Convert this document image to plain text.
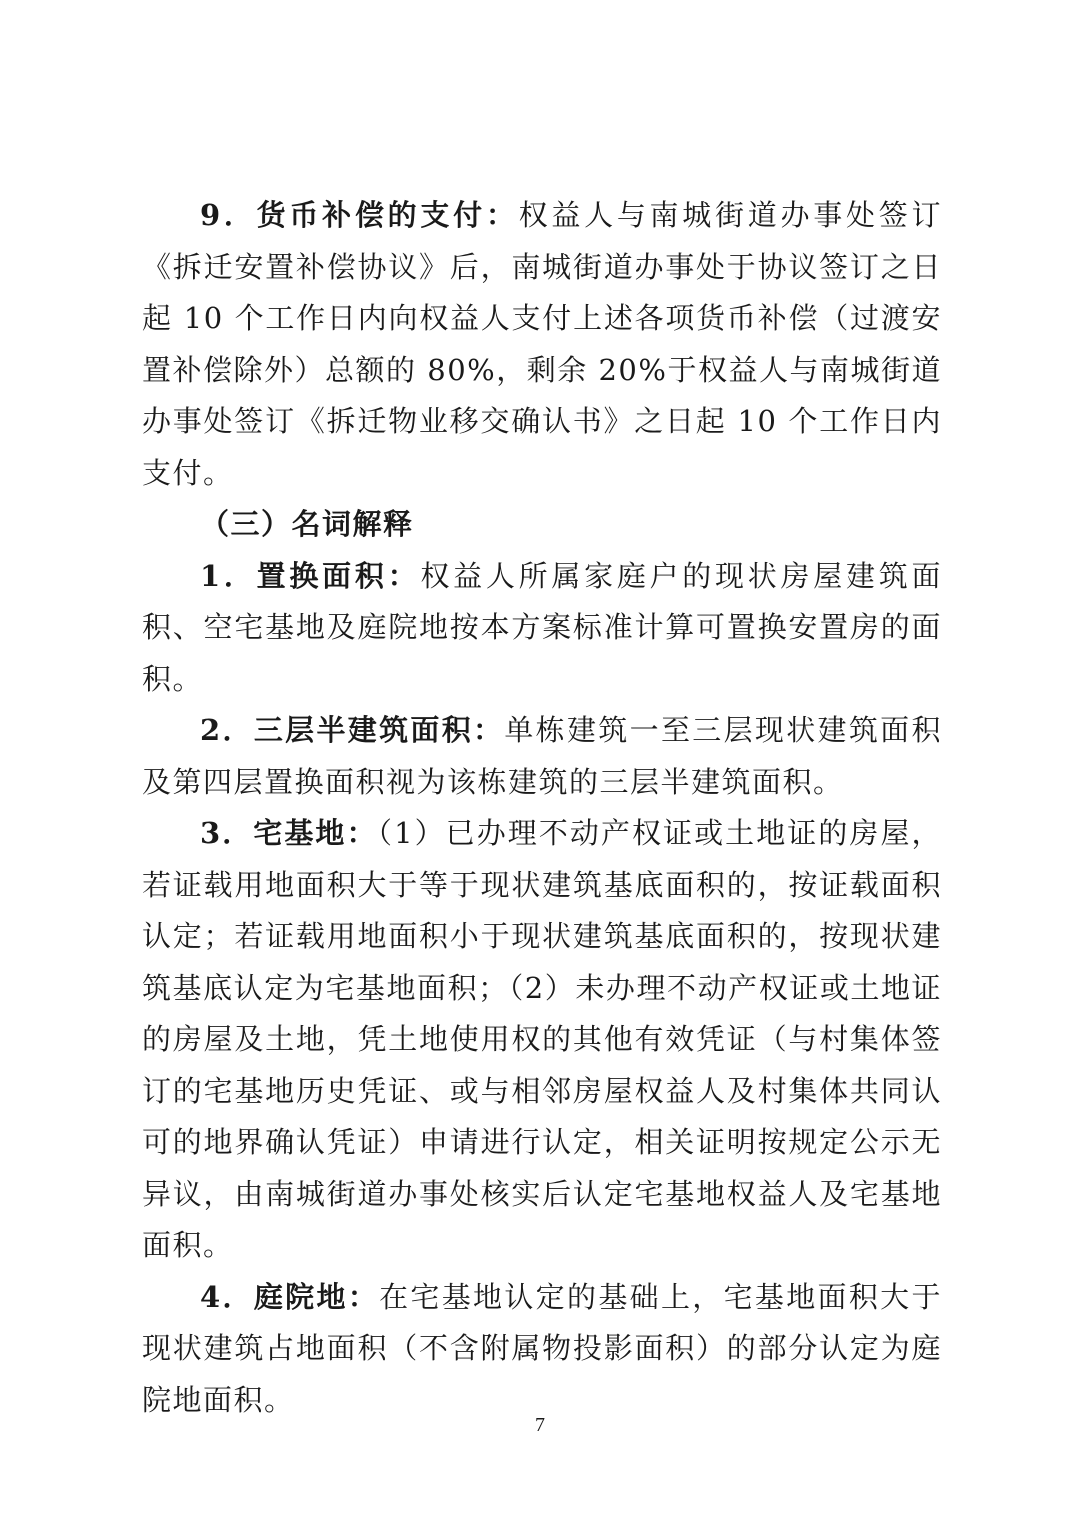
9．货币补偿的支付：权益人与南城街道办事处签订《拆迁安置补偿协议》后，南城街道办事处于协议签订之日起 10 个工作日内向权益人支付上述各项货币补偿（过渡安置补偿除外）总额的 80%，剩余 20%于权益人与南城街道办事处签订《拆迁物业移交确认书》之日起 10 个工作日内支付。

（三）名词解释

1．置换面积：权益人所属家庭户的现状房屋建筑面积、空宅基地及庭院地按本方案标准计算可置换安置房的面积。

2．三层半建筑面积：单栋建筑一至三层现状建筑面积及第四层置换面积视为该栋建筑的三层半建筑面积。

3．宅基地：（1）已办理不动产权证或土地证的房屋，若证载用地面积大于等于现状建筑基底面积的，按证载面积认定；若证载用地面积小于现状建筑基底面积的，按现状建筑基底认定为宅基地面积；（2）未办理不动产权证或土地证的房屋及土地，凭土地使用权的其他有效凭证（与村集体签订的宅基地历史凭证、或与相邻房屋权益人及村集体共同认可的地界确认凭证）申请进行认定，相关证明按规定公示无异议，由南城街道办事处核实后认定宅基地权益人及宅基地面积。

4．庭院地：在宅基地认定的基础上，宅基地面积大于现状建筑占地面积（不含附属物投影面积）的部分认定为庭院地面积。

7
